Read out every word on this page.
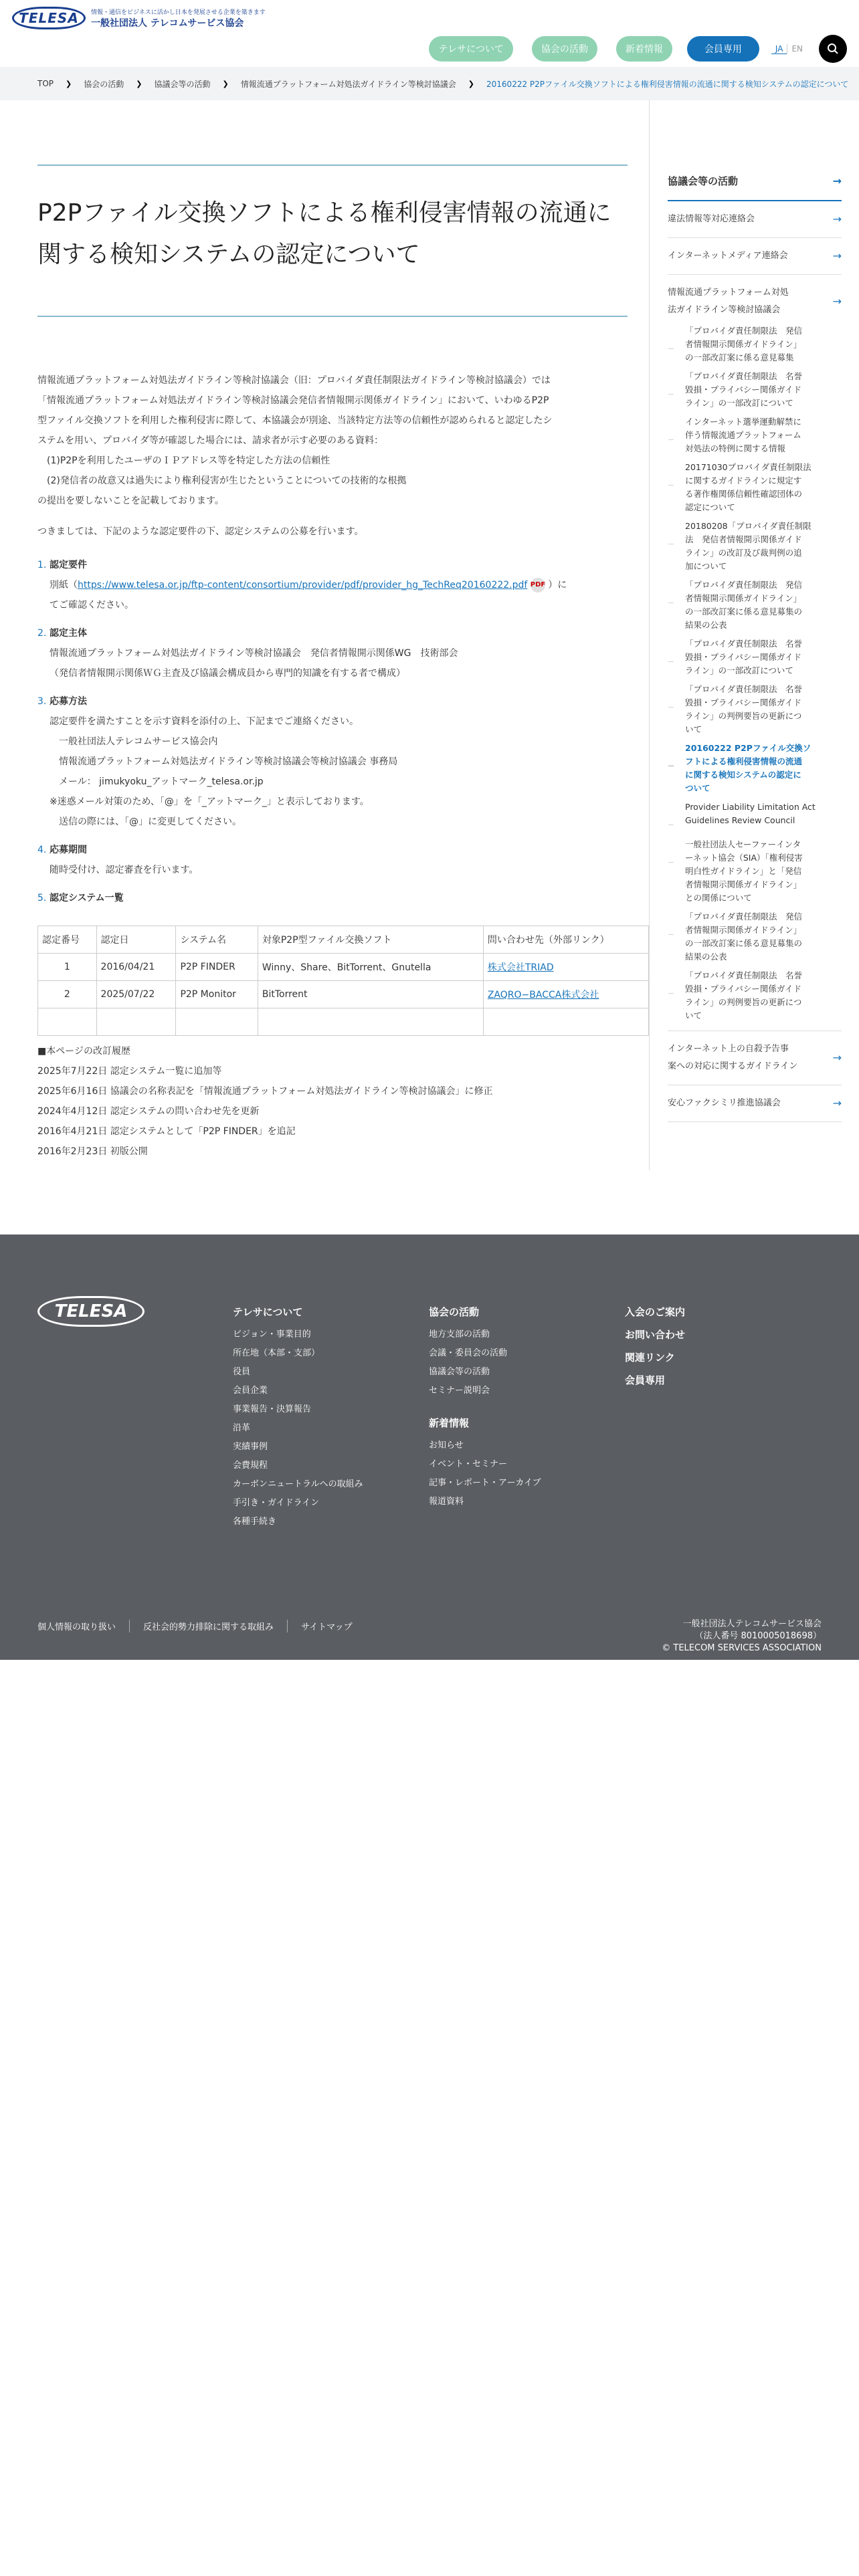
TELESA	情報・通信をビジネスに活かし日本を発展させる企業を築きます
一般社団法人 テレコムサービス協会
テレサについて	協会の活動	新着情報	会員専用	JA	EN
TOP ❯ 協会の活動 ❯ 協議会等の活動 ❯ 情報流通プラットフォーム対処法ガイドライン等検討協議会 ❯ 20160222 P2Pファイル交換ソフトによる権利侵害情報の流通に関する検知システムの認定について
P2Pファイル交換ソフトによる権利侵害情報の流通に
関する検知システムの認定について

情報流通プラットフォーム対処法ガイドライン等検討協議会（旧：プロバイダ責任制限法ガイドライン等検討協議会）では

「情報流通プラットフォーム対処法ガイドライン等検討協議会発信者情報開示関係ガイドライン」において、いわゆるP2P

型ファイル交換ソフトを利用した権利侵害に際して、本協議会が別途、当該特定方法等の信頼性が認められると認定したシ

ステムを用い、プロバイダ等が確認した場合には、請求者が示す必要のある資料：

　(1)P2Pを利用したユーザのＩＰアドレス等を特定した方法の信頼性

　(2)発信者の故意又は過失により権利侵害が生じたということについての技術的な根拠

の提出を要しないことを記載しております。

つきましては、下記のような認定要件の下、認定システムの公募を行います。

1. 認定要件
別紙（https://www.telesa.or.jp/ftp-content/consortium/provider/pdf/provider_hg_TechReq20160222.pdf PDF ）に
てご確認ください。
2. 認定主体
情報流通プラットフォーム対処法ガイドライン等検討協議会　発信者情報開示関係WG　技術部会
（発信者情報開示関係ＷＧ主査及び協議会構成員から専門的知識を有する者で構成）
3. 応募方法
認定要件を満たすことを示す資料を添付の上、下記までご連絡ください。
　一般社団法人テレコムサービス協会内
　情報流通プラットフォーム対処法ガイドライン等検討協議会等検討協議会 事務局
　メール： jimukyoku_アットマーク_telesa.or.jp
※迷惑メール対策のため、「@」を「_アットマーク_」と表示しております。
　送信の際には、「@」に変更してください。
4. 応募期間
随時受付け、認定審査を行います。
5. 認定システム一覧
認定番号	認定日	システム名	対象P2P型ファイル交換ソフト	問い合わせ先（外部リンク）
1	2016/04/21	P2P FINDER	Winny、Share、BitTorrent、Gnutella	株式会社TRIAD
2	2025/07/22	P2P Monitor	BitTorrent	ZAQRO−BACCA株式会社

■本ページの改訂履歴
2025年7月22日 認定システム一覧に追加等
2025年6月16日 協議会の名称表記を「情報流通プラットフォーム対処法ガイドライン等検討協議会」に修正
2024年4月12日 認定システムの問い合わせ先を更新
2016年4月21日 認定システムとして「P2P FINDER」を追記
2016年2月23日 初版公開
協議会等の活動	→
違法情報等対応連絡会	→
インターネットメディア連絡会	→
情報流通プラットフォーム対処
法ガイドライン等検討協議会
→
－
「プロバイダ責任制限法　発信
者情報開示関係ガイドライン」
の一部改訂案に係る意見募集
－
「プロバイダ責任制限法　名誉
毀損・プライバシー関係ガイド
ライン」の一部改訂について
－
インターネット選挙運動解禁に
伴う情報流通プラットフォーム
対処法の特例に関する情報
－
20171030プロバイダ責任制限法
に関するガイドラインに規定す
る著作権関係信頼性確認団体の
認定について
－
20180208「プロバイダ責任制限
法　発信者情報開示関係ガイド
ライン」の改訂及び裁判例の追
加について
－
「プロバイダ責任制限法　発信
者情報開示関係ガイドライン」
の一部改訂案に係る意見募集の
結果の公表
－
「プロバイダ責任制限法　名誉
毀損・プライバシー関係ガイド
ライン」の一部改訂について
－
「プロバイダ責任制限法　名誉
毀損・プライバシー関係ガイド
ライン」の判例要旨の更新につ
いて
－
20160222 P2Pファイル交換ソ
フトによる権利侵害情報の流通
に関する検知システムの認定に
ついて
－
Provider Liability Limitation Act
Guidelines Review Council
－
一般社団法人セーファーインタ
ーネット協会（SIA）「権利侵害
明白性ガイドライン」と「発信
者情報開示関係ガイドライン」
との関係について
－
「プロバイダ責任制限法　発信
者情報開示関係ガイドライン」
の一部改訂案に係る意見募集の
結果の公表
－
「プロバイダ責任制限法　名誉
毀損・プライバシー関係ガイド
ライン」の判例要旨の更新につ
いて
インターネット上の自殺予告事
案への対応に関するガイドライン
→
安心ファクシミリ推進協議会	→
TELESA	テレサについて
ビジョン・事業目的
所在地（本部・支部）
役員
会員企業
事業報告・決算報告
沿革
実績事例
会費規程
カーボンニュートラルへの取組み
手引き・ガイドライン
各種手続き
協会の活動
地方支部の活動
会議・委員会の活動
協議会等の活動
セミナー説明会
新着情報
お知らせ
イベント・セミナー
記事・レポート・アーカイブ
報道資料
入会のご案内
お問い合わせ
関連リンク
会員専用
個人情報の取り扱い	反社会的勢力排除に関する取組み	サイトマップ	一般社団法人テレコムサービス協会
（法人番号 8010005018698）
© TELECOM SERVICES ASSOCIATION
